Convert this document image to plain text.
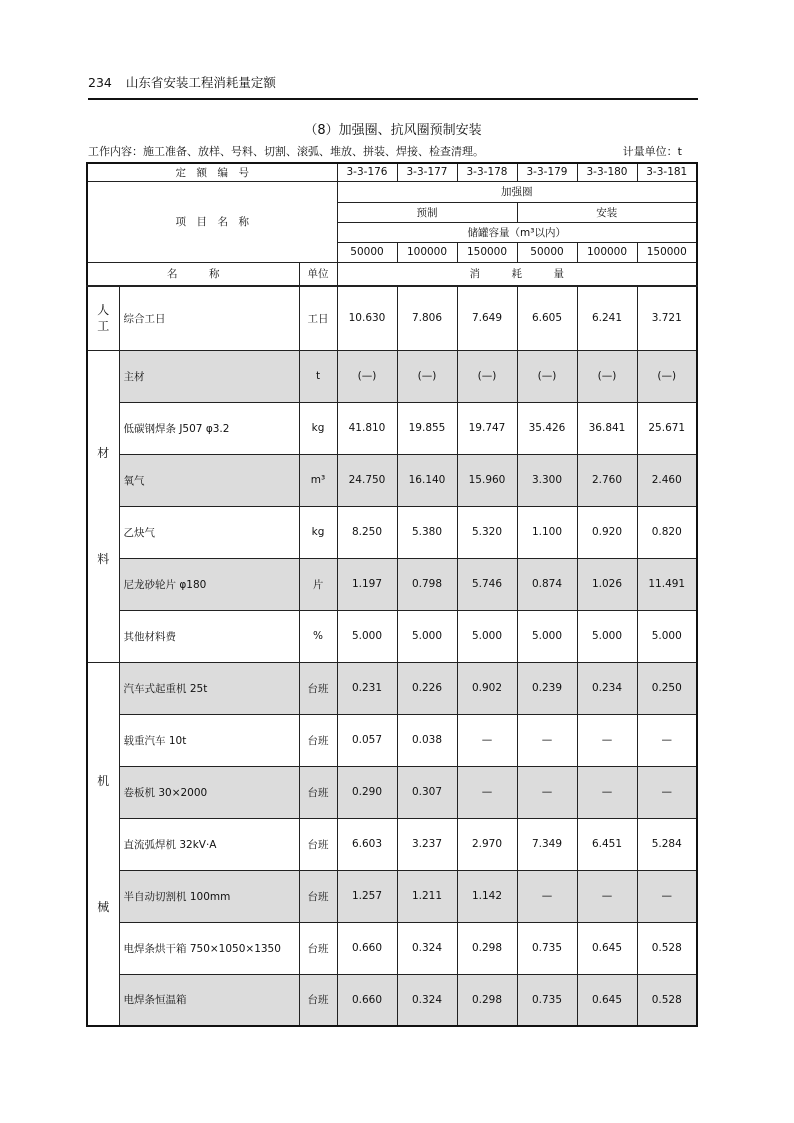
234 山东省安装工程消耗量定额
（8）加强圈、抗风圈预制安装
工作内容：施工准备、放样、号料、切割、滚弧、堆放、拼装、焊接、检查清理。	计量单位：t
定　额　编　号			3-3-176	3-3-177	3-3-178	3-3-179	3-3-180	3-3-181
项　目　名　称			加强圈					
			预制			安装		
			储罐容量（m³以内）					
			50000	100000	150000	50000	100000	150000
名　　　称		单位	消　　　耗　　　量					

人
工	综合工日	工日	10.630	7.806	7.649	6.605	6.241	3.721

材
料	主材	t	(—)	(—)	(—)	(—)	(—)	(—)
	低碳钢焊条 J507 φ3.2	kg	41.810	19.855	19.747	35.426	36.841	25.671
	氧气	m³	24.750	16.140	15.960	3.300	2.760	2.460
	乙炔气	kg	8.250	5.380	5.320	1.100	0.920	0.820
	尼龙砂轮片 φ180	片	1.197	0.798	5.746	0.874	1.026	11.491
	其他材料费	%	5.000	5.000	5.000	5.000	5.000	5.000

机
械	汽车式起重机 25t	台班	0.231	0.226	0.902	0.239	0.234	0.250
	载重汽车 10t	台班	0.057	0.038	—	—	—	—
	卷板机 30×2000	台班	0.290	0.307	—	—	—	—
	直流弧焊机 32kV·A	台班	6.603	3.237	2.970	7.349	6.451	5.284
	半自动切割机 100mm	台班	1.257	1.211	1.142	—	—	—
	电焊条烘干箱 750×1050×1350	台班	0.660	0.324	0.298	0.735	0.645	0.528
	电焊条恒温箱	台班	0.660	0.324	0.298	0.735	0.645	0.528
